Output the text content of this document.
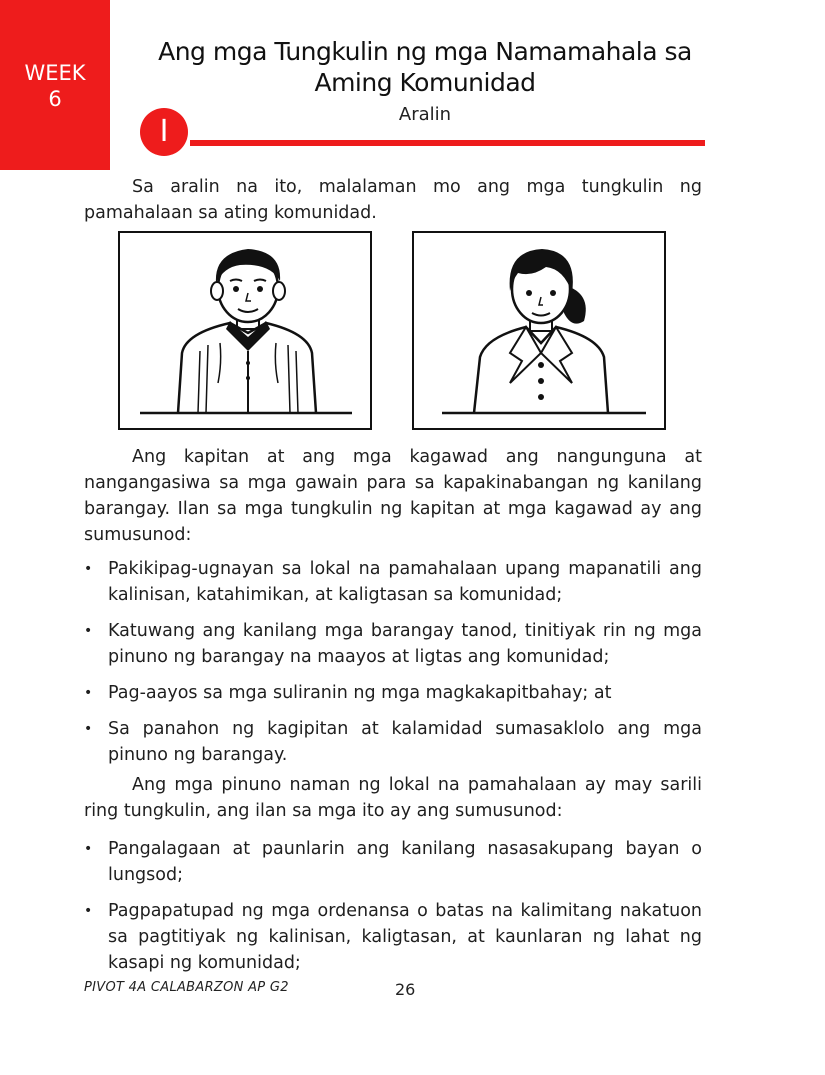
WEEK
6
Ang mga Tungkulin ng mga Namamahala sa Aming Komunidad
I	Aralin
Sa aralin na ito, malalaman mo ang mga tungkulin ng pamahalaan sa ating komunidad.
Ang kapitan at ang mga kagawad ang nangunguna at nangangasiwa sa mga gawain para sa kapakinabangan ng kanilang barangay. Ilan sa mga tungkulin ng kapitan at mga kagawad ay ang sumusunod:
• Pakikipag-ugnayan sa lokal na pamahalaan upang mapanatili ang kalinisan, katahimikan, at kaligtasan sa komunidad;
• Katuwang ang kanilang mga barangay tanod, tinitiyak rin ng mga pinuno ng barangay na maayos at ligtas ang komunidad;
• Pag-aayos sa mga suliranin ng mga magkakapitbahay; at
• Sa panahon ng kagipitan at kalamidad sumasaklolo ang mga pinuno ng barangay.
Ang mga pinuno naman ng lokal na pamahalaan ay may sarili ring tungkulin, ang ilan sa mga ito ay ang sumusunod:
• Pangalagaan at paunlarin ang kanilang nasasakupang bayan o lungsod;
• Pagpapatupad ng mga ordenansa o batas na kalimitang nakatuon sa pagtitiyak ng kalinisan, kaligtasan, at kaunlaran ng lahat ng kasapi ng komunidad;
PIVOT 4A CALABARZON AP G2	26
